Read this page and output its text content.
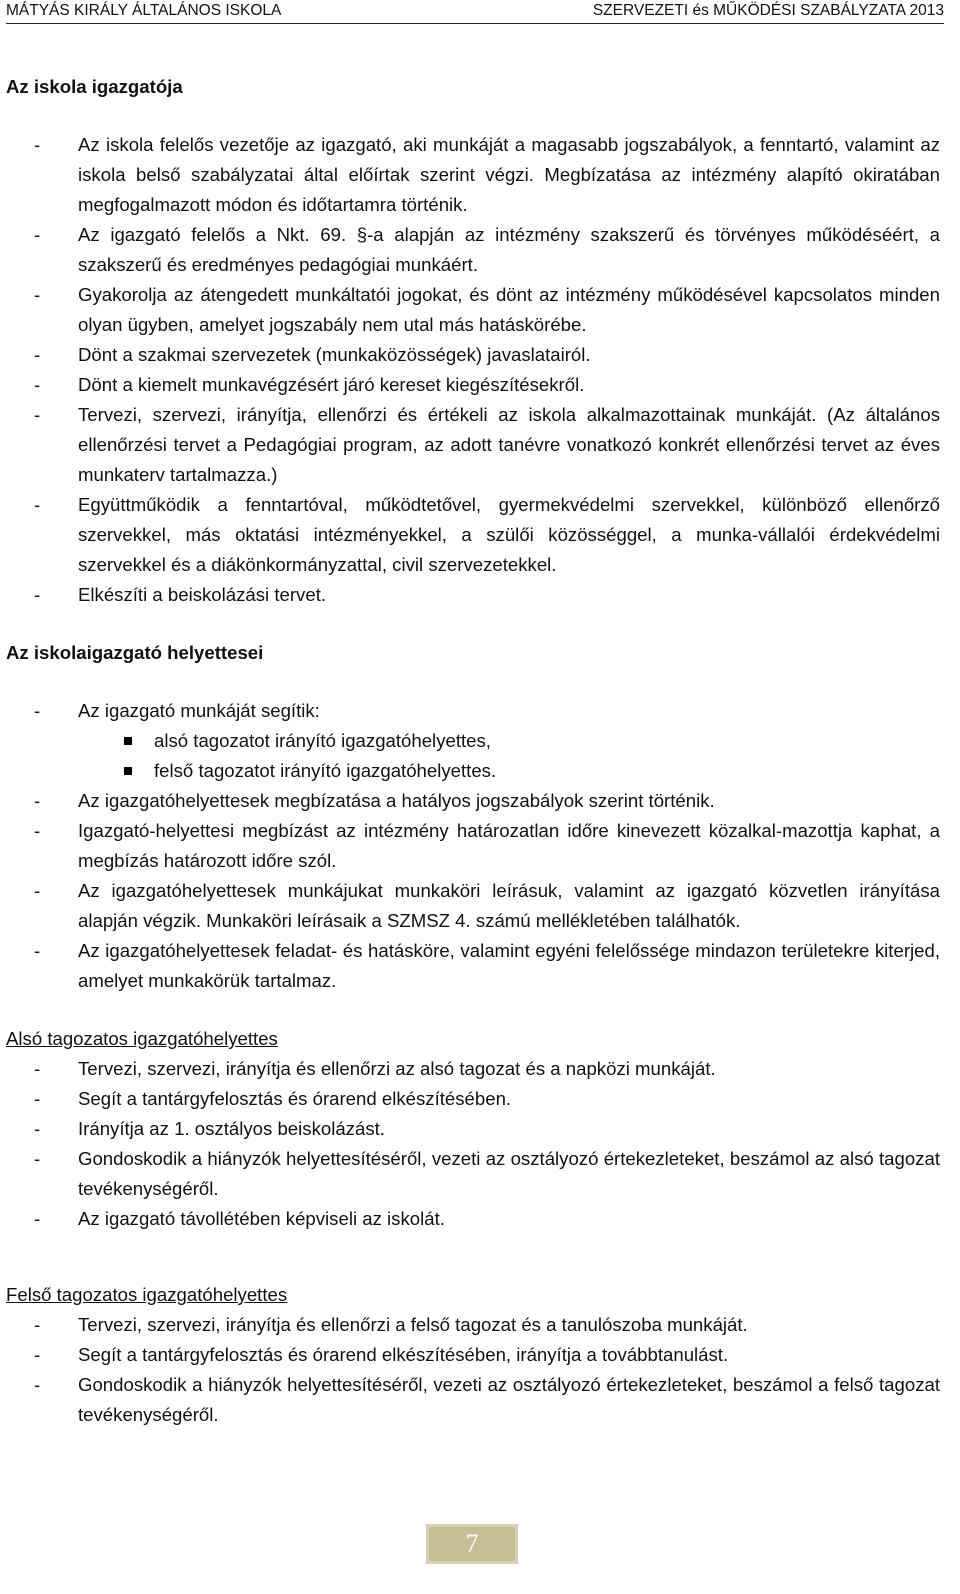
MÁTYÁS KIRÁLY ÁLTALÁNOS ISKOLA	SZERVEZETI és MŰKÖDÉSI SZABÁLYZATA 2013
Az iskola igazgatója
- Az iskola felelős vezetője az igazgató, aki munkáját a magasabb jogszabályok, a fenntartó, valamint az iskola belső szabályzatai által előírtak szerint végzi. Megbízatása az intézmény alapító okiratában megfogalmazott módon és időtartamra történik.
- Az igazgató felelős a Nkt. 69. §-a alapján az intézmény szakszerű és törvényes működéséért, a szakszerű és eredményes pedagógiai munkáért.
- Gyakorolja az átengedett munkáltatói jogokat, és dönt az intézmény működésével kapcsolatos minden olyan ügyben, amelyet jogszabály nem utal más hatáskörébe.
- Dönt a szakmai szervezetek (munkaközösségek) javaslatairól.
- Dönt a kiemelt munkavégzésért járó kereset kiegészítésekről.
- Tervezi, szervezi, irányítja, ellenőrzi és értékeli az iskola alkalmazottainak munkáját. (Az általános ellenőrzési tervet a Pedagógiai program, az adott tanévre vonatkozó konkrét ellenőrzési tervet az éves munkaterv tartalmazza.)
- Együttműködik a fenntartóval, működtetővel, gyermekvédelmi szervekkel, különböző ellenőrző szervekkel, más oktatási intézményekkel, a szülői közösséggel, a munka-vállalói érdekvédelmi szervekkel és a diákönkormányzattal, civil szervezetekkel.
- Elkészíti a beiskolázási tervet.
Az iskolaigazgató helyettesei
- Az igazgató munkáját segítik:
alsó tagozatot irányító igazgatóhelyettes,
felső tagozatot irányító igazgatóhelyettes.
- Az igazgatóhelyettesek megbízatása a hatályos jogszabályok szerint történik.
- Igazgató-helyettesi megbízást az intézmény határozatlan időre kinevezett közalkal-mazottja kaphat, a megbízás határozott időre szól.
- Az igazgatóhelyettesek munkájukat munkaköri leírásuk, valamint az igazgató közvetlen irányítása alapján végzik. Munkaköri leírásaik a SZMSZ 4. számú mellékletében találhatók.
- Az igazgatóhelyettesek feladat- és hatásköre, valamint egyéni felelőssége mindazon területekre kiterjed, amelyet munkakörük tartalmaz.
Alsó tagozatos igazgatóhelyettes
- Tervezi, szervezi, irányítja és ellenőrzi az alsó tagozat és a napközi munkáját.
- Segít a tantárgyfelosztás és órarend elkészítésében.
- Irányítja az 1. osztályos beiskolázást.
- Gondoskodik a hiányzók helyettesítéséről, vezeti az osztályozó értekezleteket, beszámol az alsó tagozat tevékenységéről.
- Az igazgató távollétében képviseli az iskolát.
Felső tagozatos igazgatóhelyettes
- Tervezi, szervezi, irányítja és ellenőrzi a felső tagozat és a tanulószoba munkáját.
- Segít a tantárgyfelosztás és órarend elkészítésében, irányítja a továbbtanulást.
- Gondoskodik a hiányzók helyettesítéséről, vezeti az osztályozó értekezleteket, beszámol a felső tagozat tevékenységéről.
7
